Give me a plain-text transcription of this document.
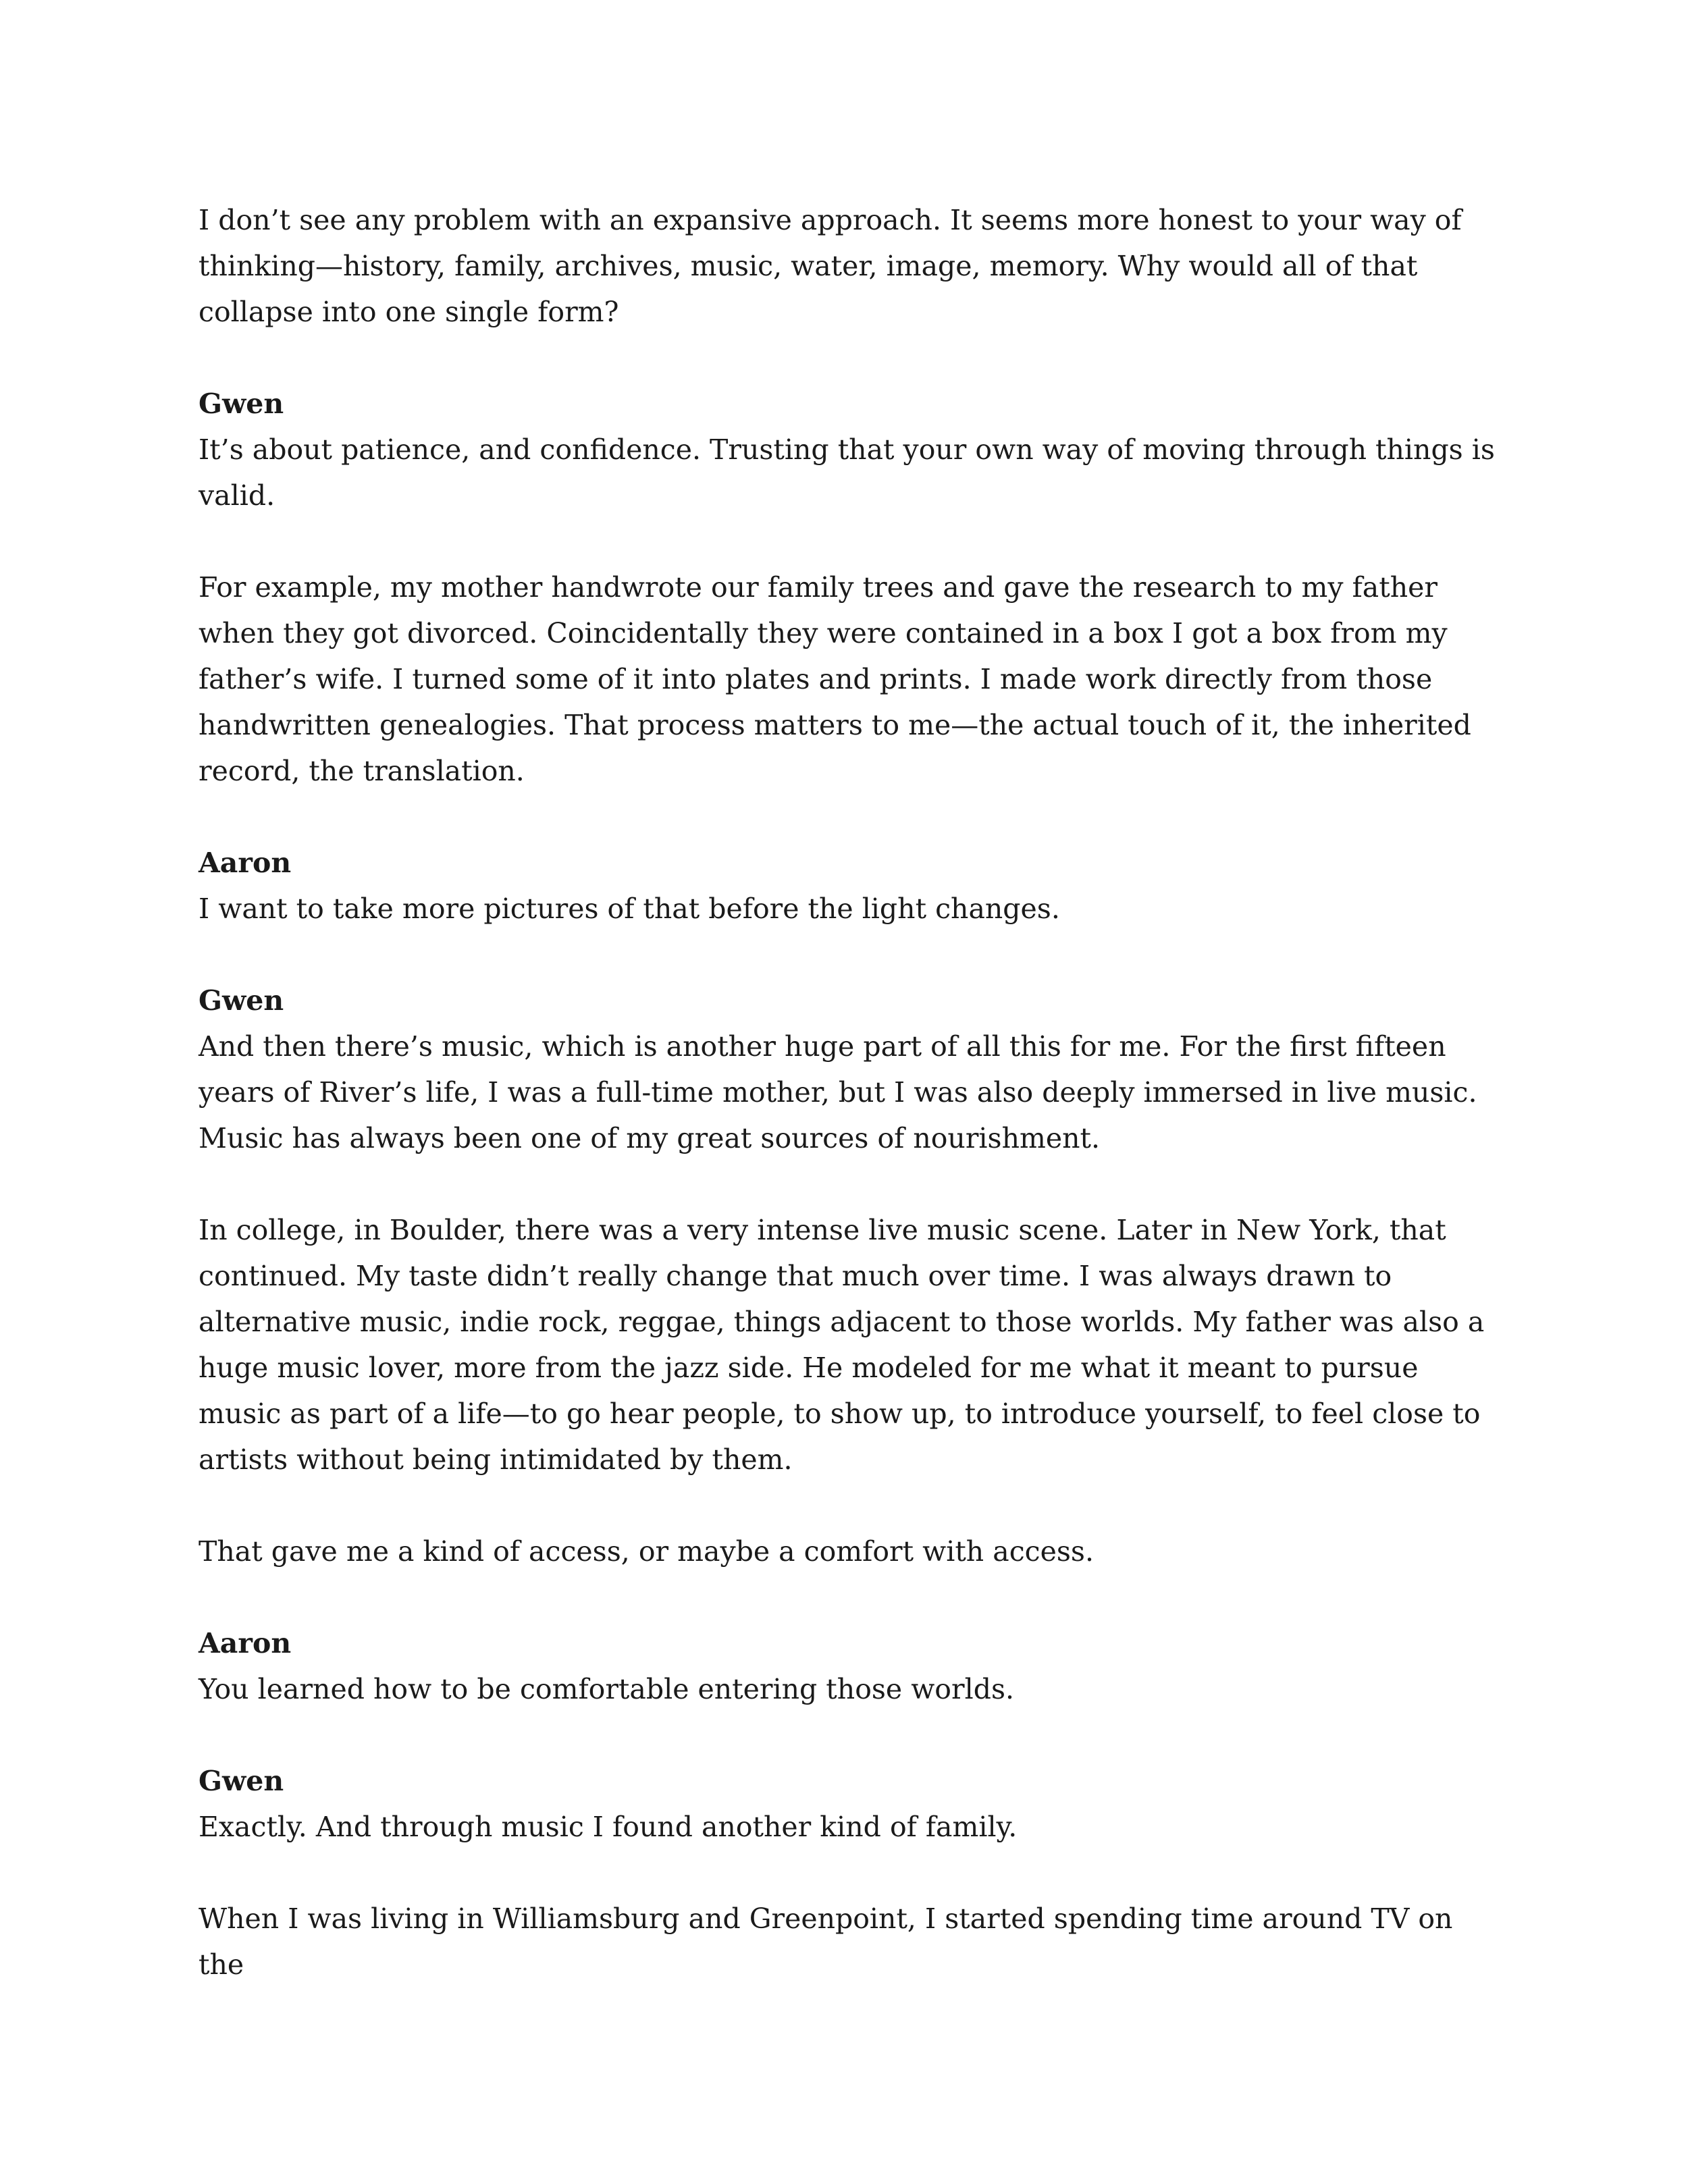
I don’t see any problem with an expansive approach. It seems more honest to your way of thinking—history, family, archives, music, water, image, memory. Why would all of that collapse into one single form?
Gwen
It’s about patience, and confidence. Trusting that your own way of moving through things is valid.
For example, my mother handwrote our family trees and gave the research to my father when they got divorced. Coincidentally they were contained in a box I got a box from my father’s wife. I turned some of it into plates and prints. I made work directly from those handwritten genealogies. That process matters to me—the actual touch of it, the inherited record, the translation.
Aaron
I want to take more pictures of that before the light changes.
Gwen
And then there’s music, which is another huge part of all this for me. For the first fifteen years of River’s life, I was a full-time mother, but I was also deeply immersed in live music. Music has always been one of my great sources of nourishment.
In college, in Boulder, there was a very intense live music scene. Later in New York, that continued. My taste didn’t really change that much over time. I was always drawn to alternative music, indie rock, reggae, things adjacent to those worlds. My father was also a huge music lover, more from the jazz side. He modeled for me what it meant to pursue music as part of a life—to go hear people, to show up, to introduce yourself, to feel close to artists without being intimidated by them.
That gave me a kind of access, or maybe a comfort with access.
Aaron
You learned how to be comfortable entering those worlds.
Gwen
Exactly. And through music I found another kind of family.
When I was living in Williamsburg and Greenpoint, I started spending time around TV on the
